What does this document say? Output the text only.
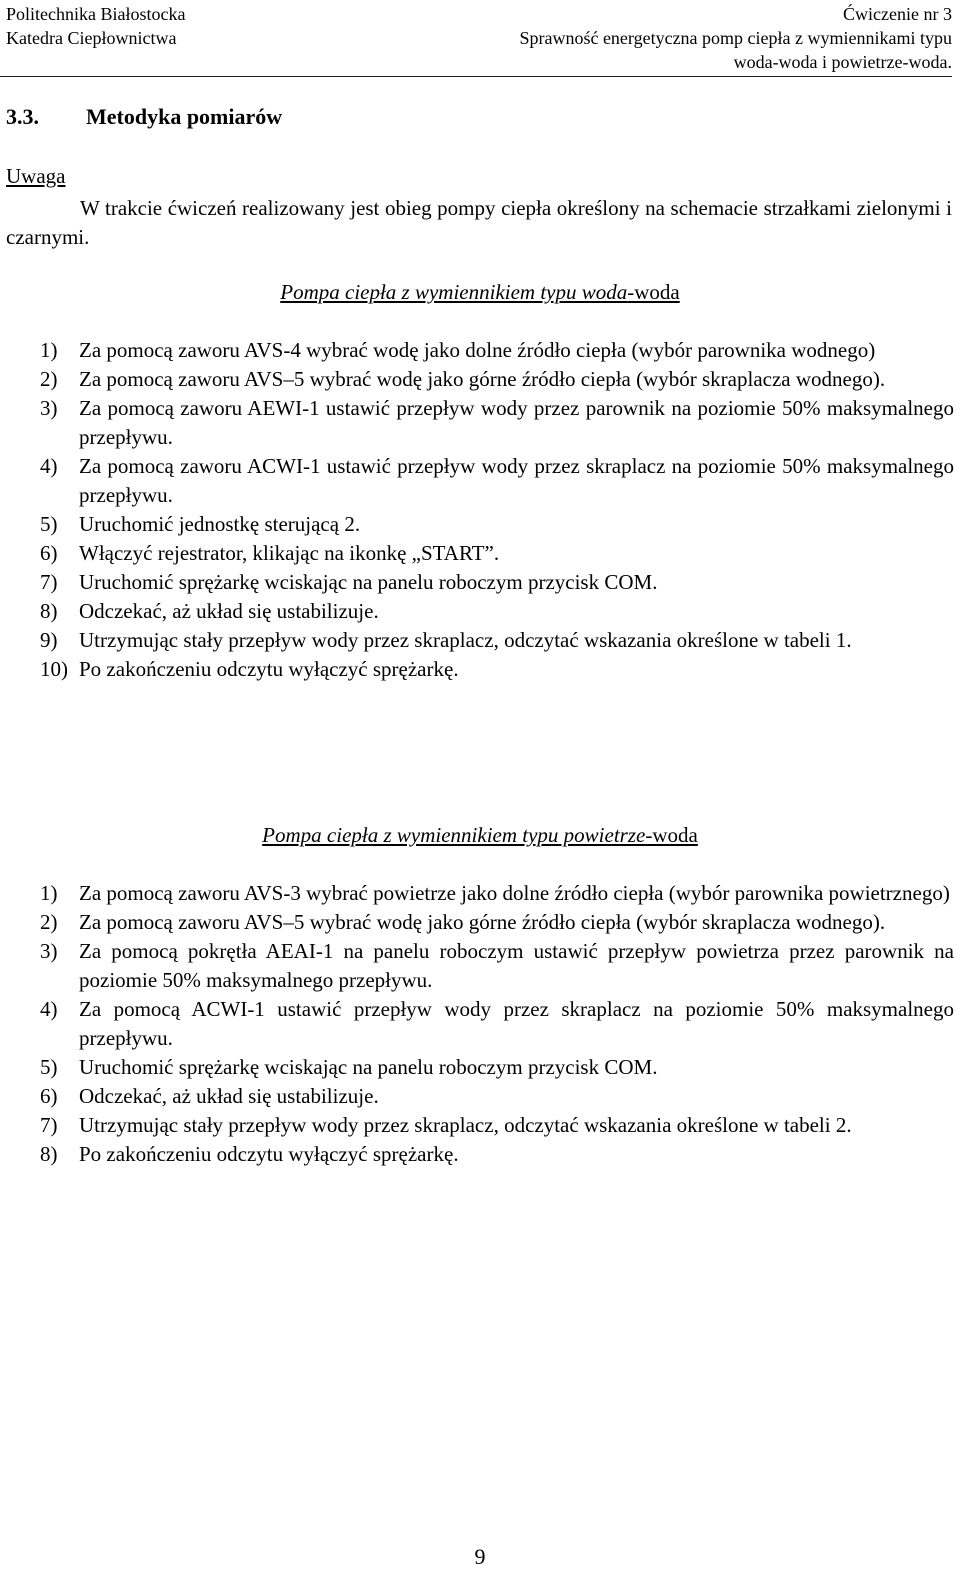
Politechnika Białostocka
Katedra Ciepłownictwa
Ćwiczenie nr 3
Sprawność energetyczna pomp ciepła z wymiennikami typu
woda-woda i powietrze-woda.
3.3. Metodyka pomiarów
Uwaga
W trakcie ćwiczeń realizowany jest obieg pompy ciepła określony na schemacie strzałkami zielonymi i czarnymi.
Pompa ciepła z wymiennikiem typu woda-woda
1) Za pomocą zaworu AVS-4 wybrać wodę jako dolne źródło ciepła (wybór parownika wodnego)
2) Za pomocą zaworu AVS–5 wybrać wodę jako górne źródło ciepła (wybór skraplacza wodnego).
3) Za pomocą zaworu AEWI-1 ustawić przepływ wody przez parownik na poziomie 50% maksymalnego przepływu.
4) Za pomocą zaworu ACWI-1 ustawić przepływ wody przez skraplacz na poziomie 50% maksymalnego przepływu.
5) Uruchomić jednostkę sterującą 2.
6) Włączyć rejestrator, klikając na ikonkę „START”.
7) Uruchomić sprężarkę wciskając na panelu roboczym przycisk COM.
8) Odczekać, aż układ się ustabilizuje.
9) Utrzymując stały przepływ wody przez skraplacz, odczytać wskazania określone w tabeli 1.
10) Po zakończeniu odczytu wyłączyć sprężarkę.
Pompa ciepła z wymiennikiem typu powietrze-woda
1) Za pomocą zaworu AVS-3 wybrać powietrze jako dolne źródło ciepła (wybór parownika powietrznego)
2) Za pomocą zaworu AVS–5 wybrać wodę jako górne źródło ciepła (wybór skraplacza wodnego).
3) Za pomocą pokrętła AEAI-1 na panelu roboczym ustawić przepływ powietrza przez parownik na poziomie 50% maksymalnego przepływu.
4) Za pomocą ACWI-1 ustawić przepływ wody przez skraplacz na poziomie 50% maksymalnego przepływu.
5) Uruchomić sprężarkę wciskając na panelu roboczym przycisk COM.
6) Odczekać, aż układ się ustabilizuje.
7) Utrzymując stały przepływ wody przez skraplacz, odczytać wskazania określone w tabeli 2.
8) Po zakończeniu odczytu wyłączyć sprężarkę.
9
